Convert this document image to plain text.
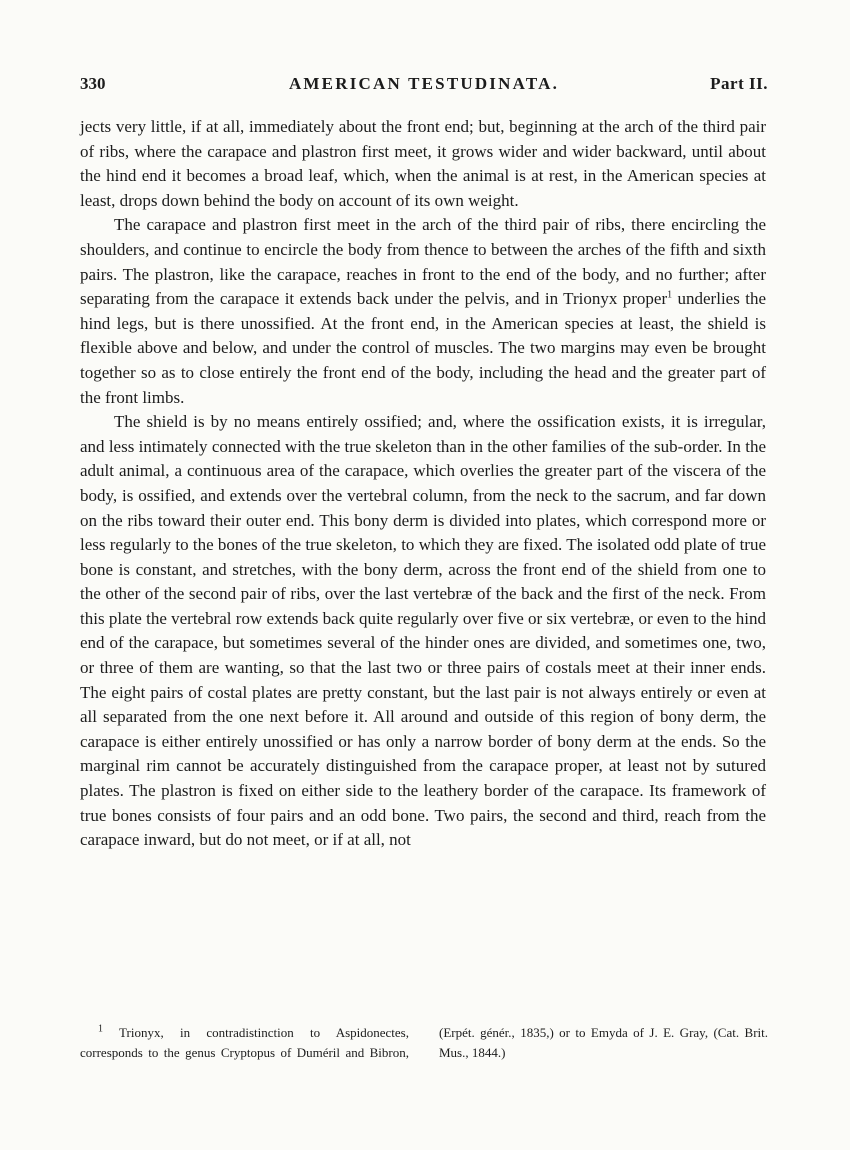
330	AMERICAN TESTUDINATA.	Part II.

jects very little, if at all, immediately about the front end; but, beginning at the arch of the third pair of ribs, where the carapace and plastron first meet, it grows wider and wider backward, until about the hind end it becomes a broad leaf, which, when the animal is at rest, in the American species at least, drops down behind the body on account of its own weight.

The carapace and plastron first meet in the arch of the third pair of ribs, there encircling the shoulders, and continue to encircle the body from thence to between the arches of the fifth and sixth pairs. The plastron, like the carapace, reaches in front to the end of the body, and no further; after separating from the carapace it extends back under the pelvis, and in Trionyx proper$^1$ underlies the hind legs, but is there unossified. At the front end, in the American species at least, the shield is flexible above and below, and under the control of muscles. The two margins may even be brought together so as to close entirely the front end of the body, including the head and the greater part of the front limbs.

The shield is by no means entirely ossified; and, where the ossification exists, it is irregular, and less intimately connected with the true skeleton than in the other families of the sub-order. In the adult animal, a continuous area of the carapace, which overlies the greater part of the viscera of the body, is ossified, and extends over the vertebral column, from the neck to the sacrum, and far down on the ribs toward their outer end. This bony derm is divided into plates, which correspond more or less regularly to the bones of the true skeleton, to which they are fixed. The isolated odd plate of true bone is constant, and stretches, with the bony derm, across the front end of the shield from one to the other of the second pair of ribs, over the last vertebræ of the back and the first of the neck. From this plate the vertebral row extends back quite regularly over five or six vertebræ, or even to the hind end of the carapace, but sometimes several of the hinder ones are divided, and sometimes one, two, or three of them are wanting, so that the last two or three pairs of costals meet at their inner ends. The eight pairs of costal plates are pretty constant, but the last pair is not always entirely or even at all separated from the one next before it. All around and outside of this region of bony derm, the carapace is either entirely unossified or has only a narrow border of bony derm at the ends. So the marginal rim cannot be accurately distinguished from the carapace proper, at least not by sutured plates. The plastron is fixed on either side to the leathery border of the carapace. Its framework of true bones consists of four pairs and an odd bone. Two pairs, the second and third, reach from the carapace inward, but do not meet, or if at all, not

$^1$ Trionyx, in contradistinction to Aspidonectes, corresponds to the genus Cryptopus of Duméril and Bibron, (Erpét. génér., 1835,) or to Emyda of J. E. Gray, (Cat. Brit. Mus., 1844.)
